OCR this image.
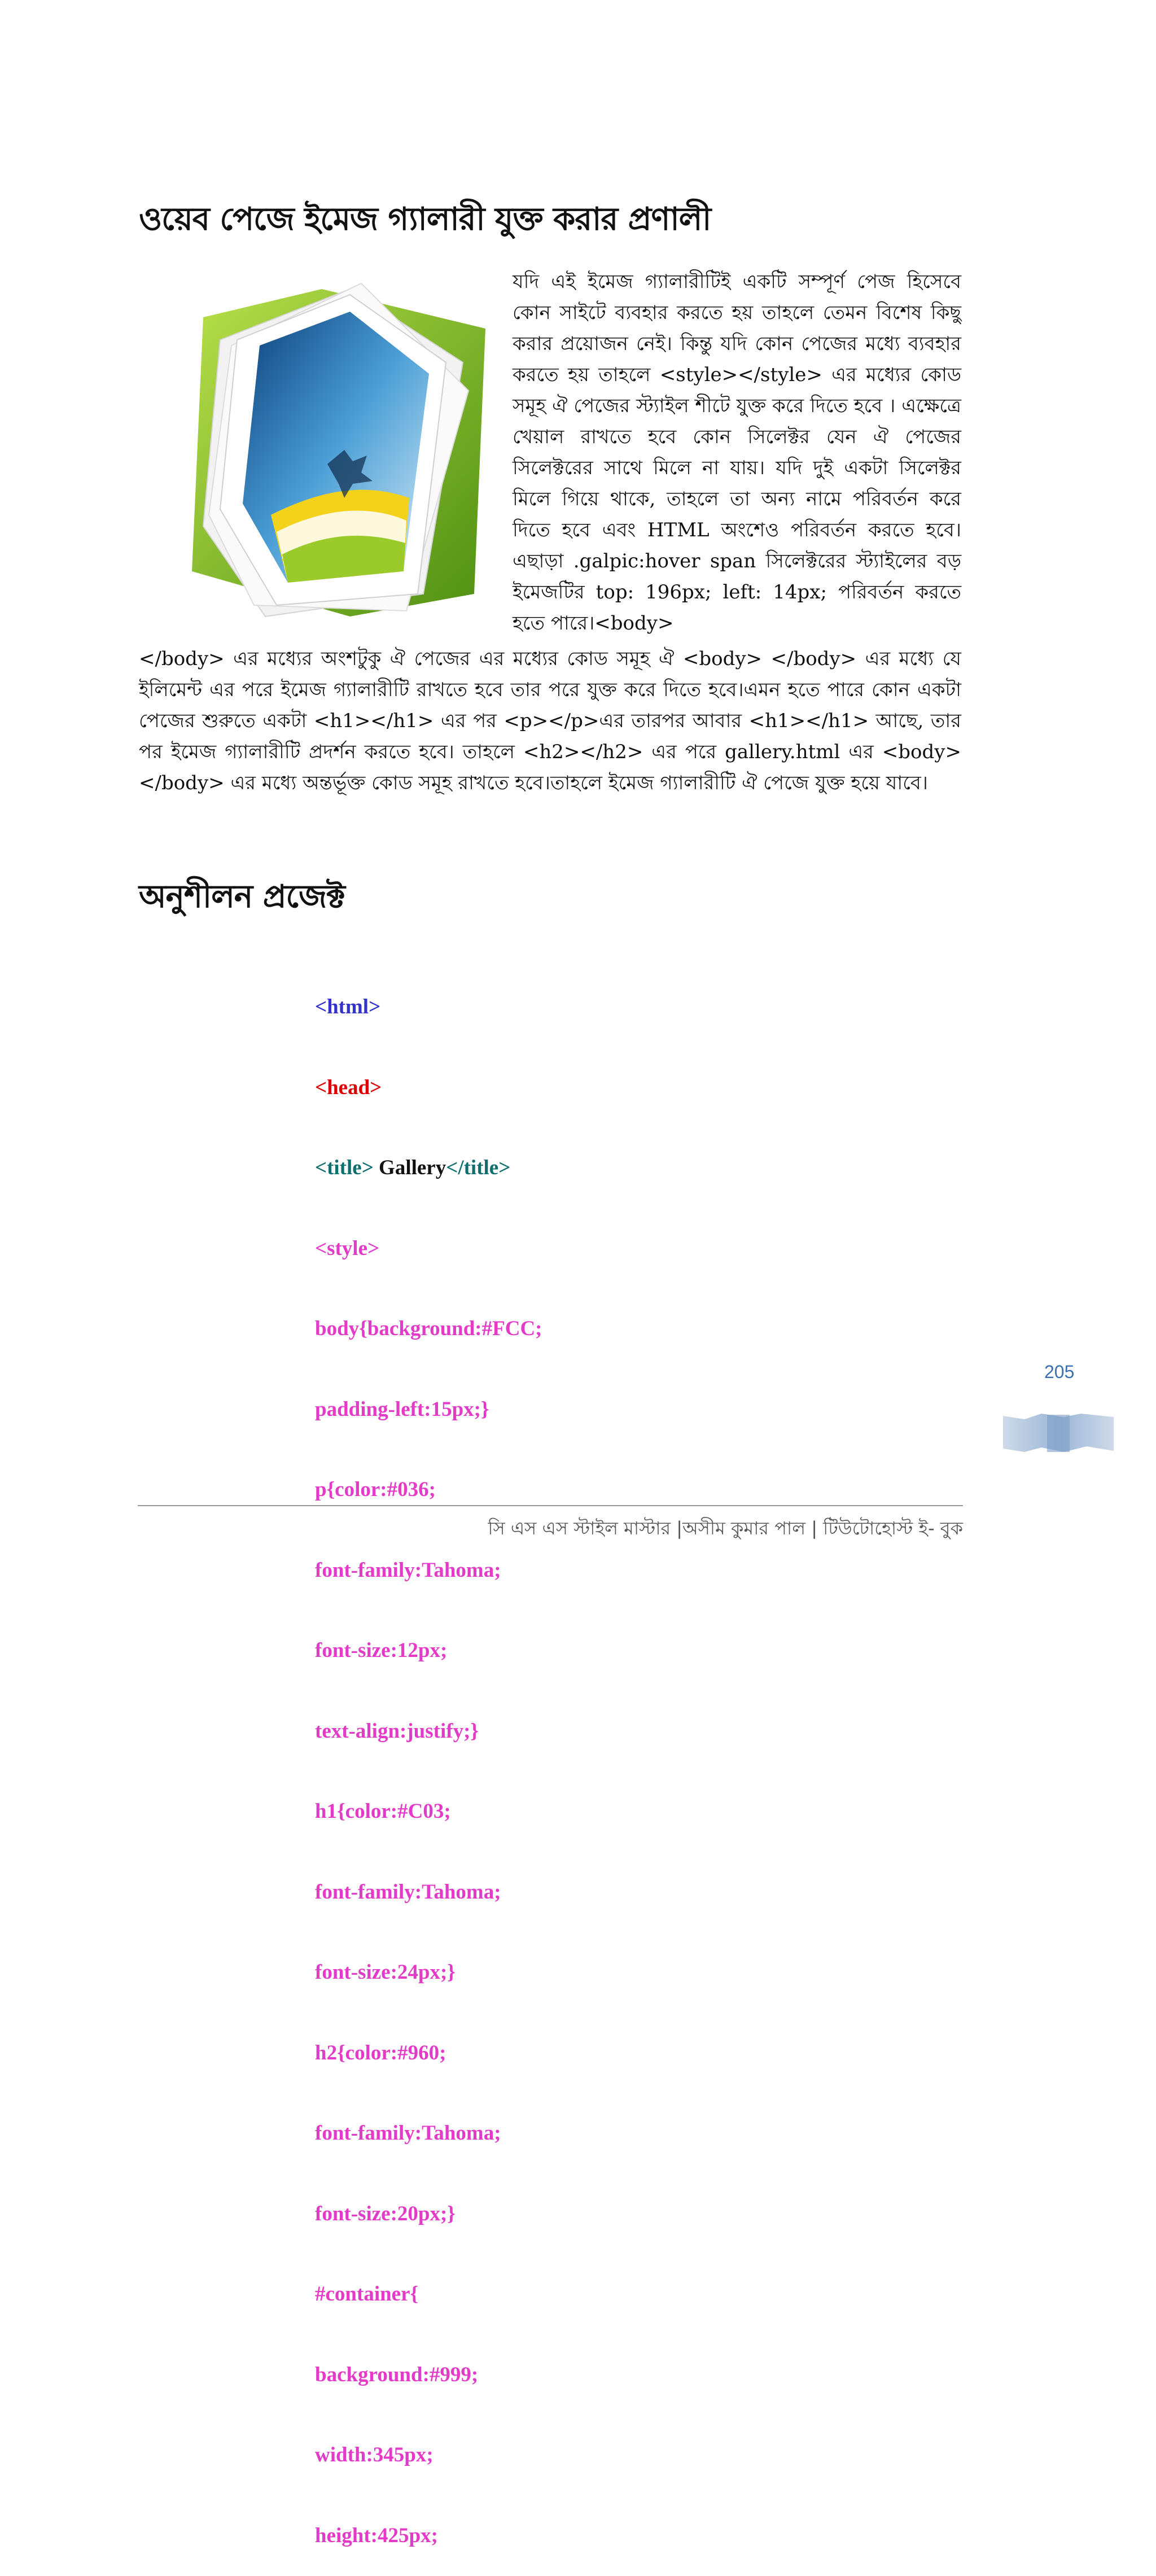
ওয়েব পেজে ইমেজ গ্যালারী যুক্ত করার প্রণালী
যদি এই ইমেজ গ্যালারীটিই একটি সম্পূর্ণ পেজ হিসেবে কোন সাইটে ব্যবহার করতে হয় তাহলে তেমন বিশেষ কিছু করার প্রয়োজন নেই। কিন্তু যদি কোন পেজের মধ্যে ব্যবহার করতে হয় তাহলে <style></style> এর মধ্যের কোড সমূহ ঐ পেজের স্ট্যাইল শীটে যুক্ত করে দিতে হবে । এক্ষেত্রে খেয়াল রাখতে হবে কোন সিলেক্টর যেন ঐ পেজের সিলেক্টরের সাথে মিলে না যায়। যদি দুই একটা সিলেক্টর মিলে গিয়ে থাকে, তাহলে তা অন্য নামে পরিবর্তন করে দিতে হবে এবং HTML অংশেও পরিবর্তন করতে হবে।এছাড়া .galpic:hover span সিলেক্টরের স্ট্যাইলের বড় ইমেজটির top: 196px; left: 14px; পরিবর্তন করতে হতে পারে।<body>
</body> এর মধ্যের অংশটুকু ঐ পেজের এর মধ্যের কোড সমূহ ঐ <body> </body> এর মধ্যে যে ইলিমেন্ট এর পরে ইমেজ গ্যালারীটি রাখতে হবে তার পরে যুক্ত করে দিতে হবে।এমন হতে পারে কোন একটা পেজের শুরুতে একটা <h1></h1> এর পর <p></p>এর তারপর আবার <h1></h1> আছে, তার পর ইমেজ গ্যালারীটি প্রদর্শন করতে হবে। তাহলে <h2></h2> এর পরে gallery.html এর <body> </body> এর মধ্যে অন্তর্ভূক্ত কোড সমূহ রাখতে হবে।তাহলে ইমেজ গ্যালারীটি ঐ পেজে যুক্ত হয়ে যাবে।
অনুশীলন প্রজেক্ট

<html>

<head>

<title> Gallery</title>

<style>

body{background:#FCC;

padding-left:15px;}

p{color:#036;

font-family:Tahoma;

font-size:12px;

text-align:justify;}

h1{color:#C03;

font-family:Tahoma;

font-size:24px;}

h2{color:#960;

font-family:Tahoma;

font-size:20px;}

#container{

background:#999;

width:345px;

height:425px;

205
সি এস এস স্টাইল মাস্টার |অসীম কুমার পাল | টিউটোহোস্ট ই- বুক
